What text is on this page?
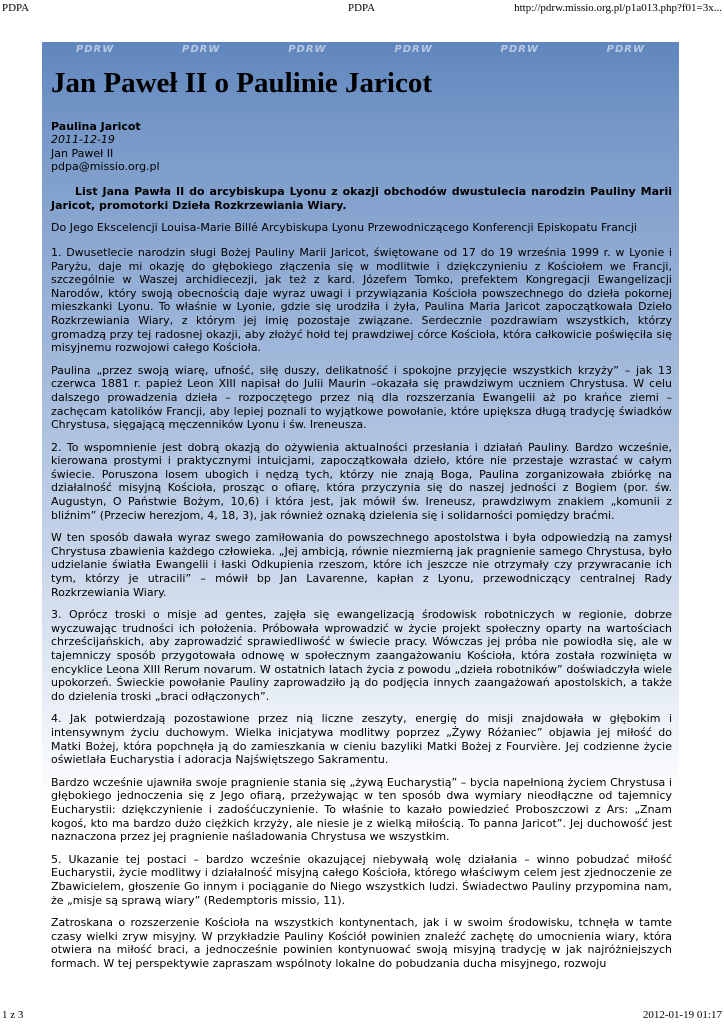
PDPA	PDPA	http://pdrw.missio.org.pl/p1a013.php?f01=3x...
PDRW	PDRW	PDRW	PDRW	PDRW	PDRW
Jan Paweł II o Paulinie Jaricot
Paulina Jaricot
2011-12-19
Jan Paweł II
pdpa@missio.org.pl

List Jana Pawła II do arcybiskupa Lyonu z okazji obchodów dwustulecia narodzin Pauliny Marii Jaricot, promotorki Dzieła Rozkrzewiania Wiary.

Do Jego Ekscelencji Louisa-Marie Billé Arcybiskupa Lyonu Przewodniczącego Konferencji Episkopatu Francji

1. Dwusetlecie narodzin sługi Bożej Pauliny Marii Jaricot, świętowane od 17 do 19 września 1999 r. w Lyonie i Paryżu, daje mi okazję do głębokiego złączenia się w modlitwie i dziękczynieniu z Kościołem we Francji, szczególnie w Waszej archidiecezji, jak też z kard. Józefem Tomko, prefektem Kongregacji Ewangelizacji Narodów, który swoją obecnością daje wyraz uwagi i przywiązania Kościoła powszechnego do dzieła pokornej mieszkanki Lyonu. To właśnie w Lyonie, gdzie się urodziła i żyła, Paulina Maria Jaricot zapoczątkowała Dzieło Rozkrzewiania Wiary, z którym jej imię pozostaje związane. Serdecznie pozdrawiam wszystkich, którzy gromadzą przy tej radosnej okazji, aby złożyć hołd tej prawdziwej córce Kościoła, która całkowicie poświęciła się misyjnemu rozwojowi całego Kościoła.

Paulina „przez swoją wiarę, ufność, siłę duszy, delikatność i spokojne przyjęcie wszystkich krzyży” – jak 13 czerwca 1881 r. papież Leon XIII napisał do Julii Maurin –okazała się prawdziwym uczniem Chrystusa. W celu dalszego prowadzenia dzieła – rozpoczętego przez nią dla rozszerzania Ewangelii aż po krańce ziemi – zachęcam katolików Francji, aby lepiej poznali to wyjątkowe powołanie, które upiększa długą tradycję świadków Chrystusa, sięgającą męczenników Lyonu i św. Ireneusza.

2. To wspomnienie jest dobrą okazją do ożywienia aktualności przesłania i działań Pauliny. Bardzo wcześnie, kierowana prostymi i praktycznymi intuicjami, zapoczątkowała dzieło, które nie przestaje wzrastać w całym świecie. Poruszona losem ubogich i nędzą tych, którzy nie znają Boga, Paulina zorganizowała zbiórkę na działalność misyjną Kościoła, prosząc o ofiarę, która przyczynia się do naszej jedności z Bogiem (por. św. Augustyn, O Państwie Bożym, 10,6) i która jest, jak mówił św. Ireneusz, prawdziwym znakiem „komunii z bliźnim” (Przeciw herezjom, 4, 18, 3), jak również oznaką dzielenia się i solidarności pomiędzy braćmi.

W ten sposób dawała wyraz swego zamiłowania do powszechnego apostolstwa i była odpowiedzią na zamysł Chrystusa zbawienia każdego człowieka. „Jej ambicją, równie niezmierną jak pragnienie samego Chrystusa, było udzielanie światła Ewangelii i łaski Odkupienia rzeszom, które ich jeszcze nie otrzymały czy przywracanie ich tym, którzy je utracili” – mówił bp Jan Lavarenne, kapłan z Lyonu, przewodniczący centralnej Rady Rozkrzewiania Wiary.

3. Oprócz troski o misje ad gentes, zajęła się ewangelizacją środowisk robotniczych w regionie, dobrze wyczuwając trudności ich położenia. Próbowała wprowadzić w życie projekt społeczny oparty na wartościach chrześcijańskich, aby zaprowadzić sprawiedliwość w świecie pracy. Wówczas jej próba nie powiodła się, ale w tajemniczy sposób przygotowała odnowę w społecznym zaangażowaniu Kościoła, która została rozwinięta w encyklice Leona XIII Rerum novarum. W ostatnich latach życia z powodu „dzieła robotników” doświadczyła wiele upokorzeń. Świeckie powołanie Pauliny zaprowadziło ją do podjęcia innych zaangażowań apostolskich, a także do dzielenia troski „braci odłączonych”.

4. Jak potwierdzają pozostawione przez nią liczne zeszyty, energię do misji znajdowała w głębokim i intensywnym życiu duchowym. Wielka inicjatywa modlitwy poprzez „Żywy Różaniec” objawia jej miłość do Matki Bożej, która popchnęła ją do zamieszkania w cieniu bazyliki Matki Bożej z Fourvière. Jej codzienne życie oświetlała Eucharystia i adoracja Najświętszego Sakramentu.

Bardzo wcześnie ujawniła swoje pragnienie stania się „żywą Eucharystią” – bycia napełnioną życiem Chrystusa i głębokiego jednoczenia się z Jego ofiarą, przeżywając w ten sposób dwa wymiary nieodłączne od tajemnicy Eucharystii: dziękczynienie i zadośćuczynienie. To właśnie to kazało powiedzieć Proboszczowi z Ars: „Znam kogoś, kto ma bardzo dużo ciężkich krzyży, ale niesie je z wielką miłością. To panna Jaricot”. Jej duchowość jest naznaczona przez jej pragnienie naśladowania Chrystusa we wszystkim.

5. Ukazanie tej postaci – bardzo wcześnie okazującej niebywałą wolę działania – winno pobudzać miłość Eucharystii, życie modlitwy i działalność misyjną całego Kościoła, którego właściwym celem jest zjednoczenie ze Zbawicielem, głoszenie Go innym i pociąganie do Niego wszystkich ludzi. Świadectwo Pauliny przypomina nam, że „misje są sprawą wiary” (Redemptoris missio, 11).

Zatroskana o rozszerzenie Kościoła na wszystkich kontynentach, jak i w swoim środowisku, tchnęła w tamte czasy wielki zryw misyjny. W przykładzie Pauliny Kościół powinien znaleźć zachętę do umocnienia wiary, która otwiera na miłość braci, a jednocześnie powinien kontynuować swoją misyjną tradycję w jak najróżniejszych formach. W tej perspektywie zapraszam wspólnoty lokalne do pobudzania ducha misyjnego, rozwoju

1 z 3	2012-01-19 01:17
